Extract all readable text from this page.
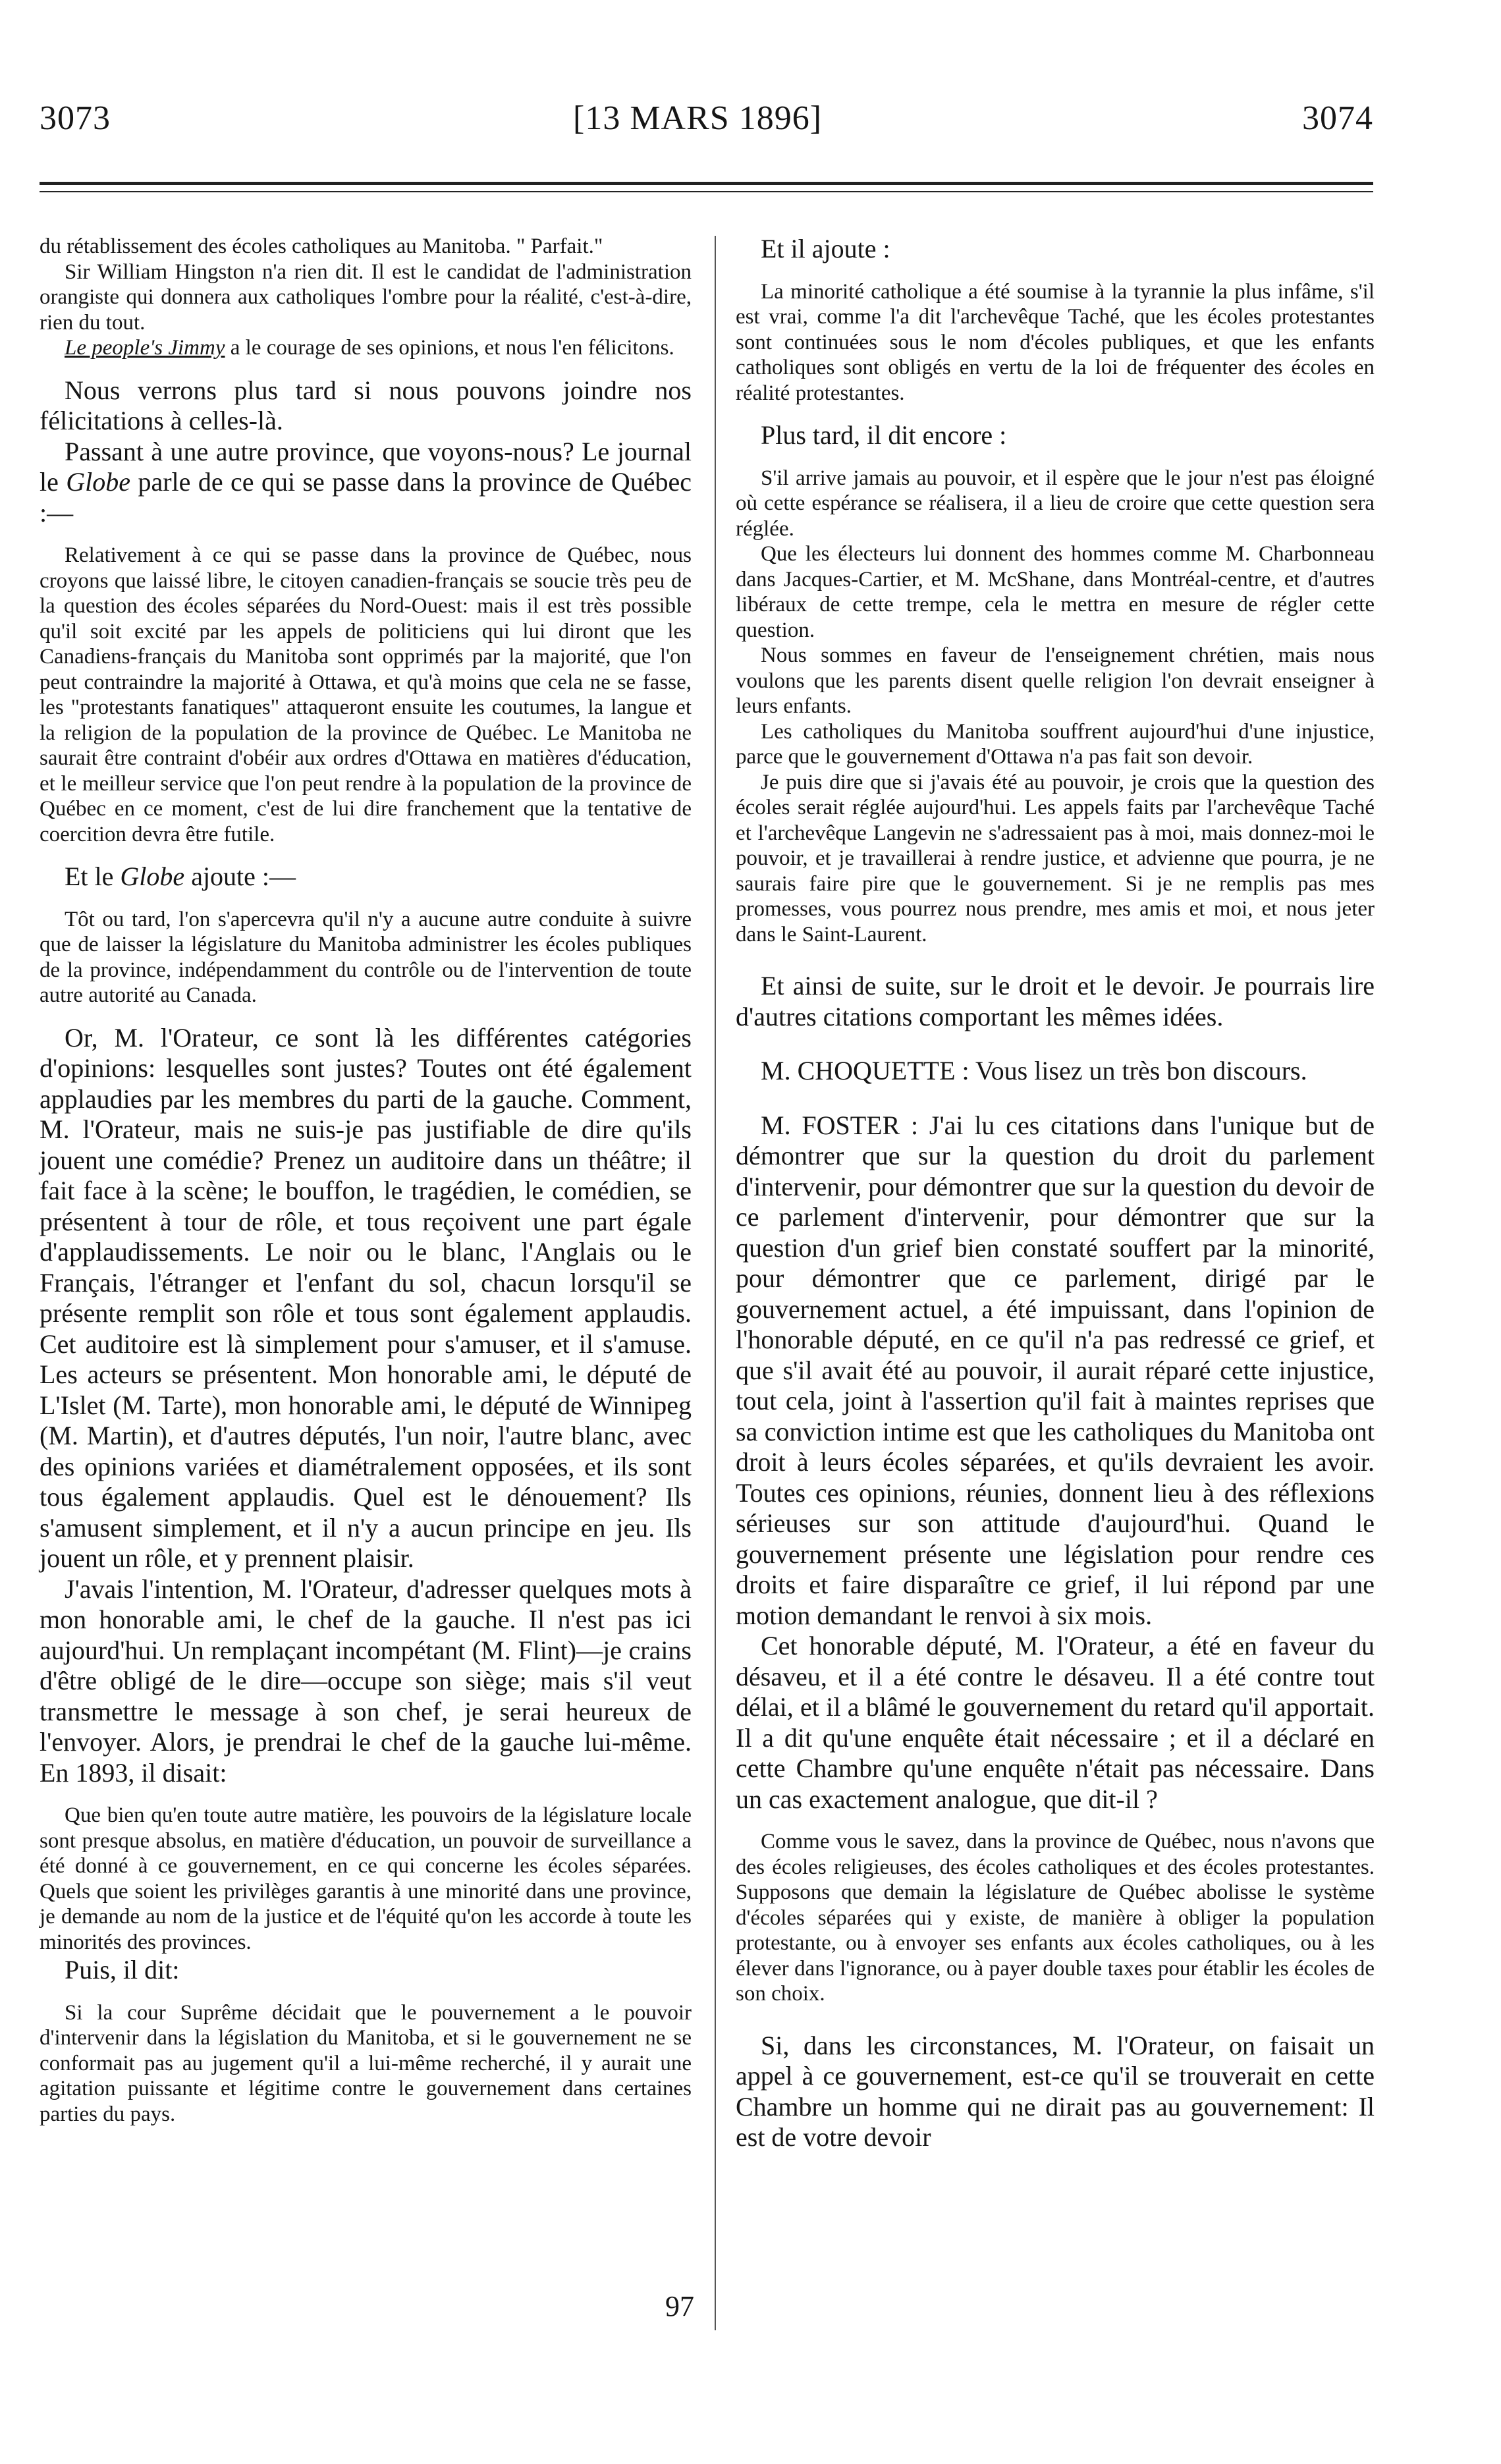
3073	[13 MARS 1896]	3074

du rétablissement des écoles catholiques au Manitoba. " Parfait."

Sir William Hingston n'a rien dit. Il est le candidat de l'administration orangiste qui donnera aux catholiques l'ombre pour la réalité, c'est-à-dire, rien du tout.

Le people's Jimmy a le courage de ses opinions, et nous l'en félicitons.

Nous verrons plus tard si nous pouvons joindre nos félicitations à celles-là.

Passant à une autre province, que voyons-nous? Le journal le Globe parle de ce qui se passe dans la province de Québec :—

Relativement à ce qui se passe dans la province de Québec, nous croyons que laissé libre, le citoyen canadien-français se soucie très peu de la question des écoles séparées du Nord-Ouest: mais il est très possible qu'il soit excité par les appels de politiciens qui lui diront que les Canadiens-français du Manitoba sont opprimés par la majorité, que l'on peut contraindre la majorité à Ottawa, et qu'à moins que cela ne se fasse, les "protestants fanatiques" attaqueront ensuite les coutumes, la langue et la religion de la population de la province de Québec. Le Manitoba ne saurait être contraint d'obéir aux ordres d'Ottawa en matières d'éducation, et le meilleur service que l'on peut rendre à la population de la province de Québec en ce moment, c'est de lui dire franchement que la tentative de coercition devra être futile.

Et le Globe ajoute :—

Tôt ou tard, l'on s'apercevra qu'il n'y a aucune autre conduite à suivre que de laisser la législature du Manitoba administrer les écoles publiques de la province, indépendamment du contrôle ou de l'intervention de toute autre autorité au Canada.

Or, M. l'Orateur, ce sont là les différentes catégories d'opinions: lesquelles sont justes? Toutes ont été également applaudies par les membres du parti de la gauche. Comment, M. l'Orateur, mais ne suis-je pas justifiable de dire qu'ils jouent une comédie? Prenez un auditoire dans un théâtre; il fait face à la scène; le bouffon, le tragédien, le comédien, se présentent à tour de rôle, et tous reçoivent une part égale d'applaudissements. Le noir ou le blanc, l'Anglais ou le Français, l'étranger et l'enfant du sol, chacun lorsqu'il se présente remplit son rôle et tous sont également applaudis. Cet auditoire est là simplement pour s'amuser, et il s'amuse. Les acteurs se présentent. Mon honorable ami, le député de L'Islet (M. Tarte), mon honorable ami, le député de Winnipeg (M. Martin), et d'autres députés, l'un noir, l'autre blanc, avec des opinions variées et diamétralement opposées, et ils sont tous également applaudis. Quel est le dénouement? Ils s'amusent simplement, et il n'y a aucun principe en jeu. Ils jouent un rôle, et y prennent plaisir.

J'avais l'intention, M. l'Orateur, d'adresser quelques mots à mon honorable ami, le chef de la gauche. Il n'est pas ici aujourd'hui. Un remplaçant incompétant (M. Flint)—je crains d'être obligé de le dire—occupe son siège; mais s'il veut transmettre le message à son chef, je serai heureux de l'envoyer. Alors, je prendrai le chef de la gauche lui-même. En 1893, il disait:

Que bien qu'en toute autre matière, les pouvoirs de la législature locale sont presque absolus, en matière d'éducation, un pouvoir de surveillance a été donné à ce gouvernement, en ce qui concerne les écoles séparées. Quels que soient les privilèges garantis à une minorité dans une province, je demande au nom de la justice et de l'équité qu'on les accorde à toute les minorités des provinces.

Puis, il dit:

Si la cour Suprême décidait que le pouvernement a le pouvoir d'intervenir dans la législation du Manitoba, et si le gouvernement ne se conformait pas au jugement qu'il a lui-même recherché, il y aurait une agitation puissante et légitime contre le gouvernement dans certaines parties du pays.

Et il ajoute :

La minorité catholique a été soumise à la tyrannie la plus infâme, s'il est vrai, comme l'a dit l'archevêque Taché, que les écoles protestantes sont continuées sous le nom d'écoles publiques, et que les enfants catholiques sont obligés en vertu de la loi de fréquenter des écoles en réalité protestantes.

Plus tard, il dit encore :

S'il arrive jamais au pouvoir, et il espère que le jour n'est pas éloigné où cette espérance se réalisera, il a lieu de croire que cette question sera réglée.

Que les électeurs lui donnent des hommes comme M. Charbonneau dans Jacques-Cartier, et M. McShane, dans Montréal-centre, et d'autres libéraux de cette trempe, cela le mettra en mesure de régler cette question.

Nous sommes en faveur de l'enseignement chrétien, mais nous voulons que les parents disent quelle religion l'on devrait enseigner à leurs enfants.

Les catholiques du Manitoba souffrent aujourd'hui d'une injustice, parce que le gouvernement d'Ottawa n'a pas fait son devoir.

Je puis dire que si j'avais été au pouvoir, je crois que la question des écoles serait réglée aujourd'hui. Les appels faits par l'archevêque Taché et l'archevêque Langevin ne s'adressaient pas à moi, mais donnez-moi le pouvoir, et je travaillerai à rendre justice, et advienne que pourra, je ne saurais faire pire que le gouvernement. Si je ne remplis pas mes promesses, vous pourrez nous prendre, mes amis et moi, et nous jeter dans le Saint-Laurent.

Et ainsi de suite, sur le droit et le devoir. Je pourrais lire d'autres citations comportant les mêmes idées.

M. CHOQUETTE : Vous lisez un très bon discours.

M. FOSTER : J'ai lu ces citations dans l'unique but de démontrer que sur la question du droit du parlement d'intervenir, pour démontrer que sur la question du devoir de ce parlement d'intervenir, pour démontrer que sur la question d'un grief bien constaté souffert par la minorité, pour démontrer que ce parlement, dirigé par le gouvernement actuel, a été impuissant, dans l'opinion de l'honorable député, en ce qu'il n'a pas redressé ce grief, et que s'il avait été au pouvoir, il aurait réparé cette injustice, tout cela, joint à l'assertion qu'il fait à maintes reprises que sa conviction intime est que les catholiques du Manitoba ont droit à leurs écoles séparées, et qu'ils devraient les avoir. Toutes ces opinions, réunies, donnent lieu à des réflexions sérieuses sur son attitude d'aujourd'hui. Quand le gouvernement présente une législation pour rendre ces droits et faire disparaître ce grief, il lui répond par une motion demandant le renvoi à six mois.

Cet honorable député, M. l'Orateur, a été en faveur du désaveu, et il a été contre le désaveu. Il a été contre tout délai, et il a blâmé le gouvernement du retard qu'il apportait. Il a dit qu'une enquête était nécessaire ; et il a déclaré en cette Chambre qu'une enquête n'était pas nécessaire. Dans un cas exactement analogue, que dit-il ?

Comme vous le savez, dans la province de Québec, nous n'avons que des écoles religieuses, des écoles catholiques et des écoles protestantes. Supposons que demain la législature de Québec abolisse le système d'écoles séparées qui y existe, de manière à obliger la population protestante, ou à envoyer ses enfants aux écoles catholiques, ou à les élever dans l'ignorance, ou à payer double taxes pour établir les écoles de son choix.

Si, dans les circonstances, M. l'Orateur, on faisait un appel à ce gouvernement, est-ce qu'il se trouverait en cette Chambre un homme qui ne dirait pas au gouvernement: Il est de votre devoir

97
